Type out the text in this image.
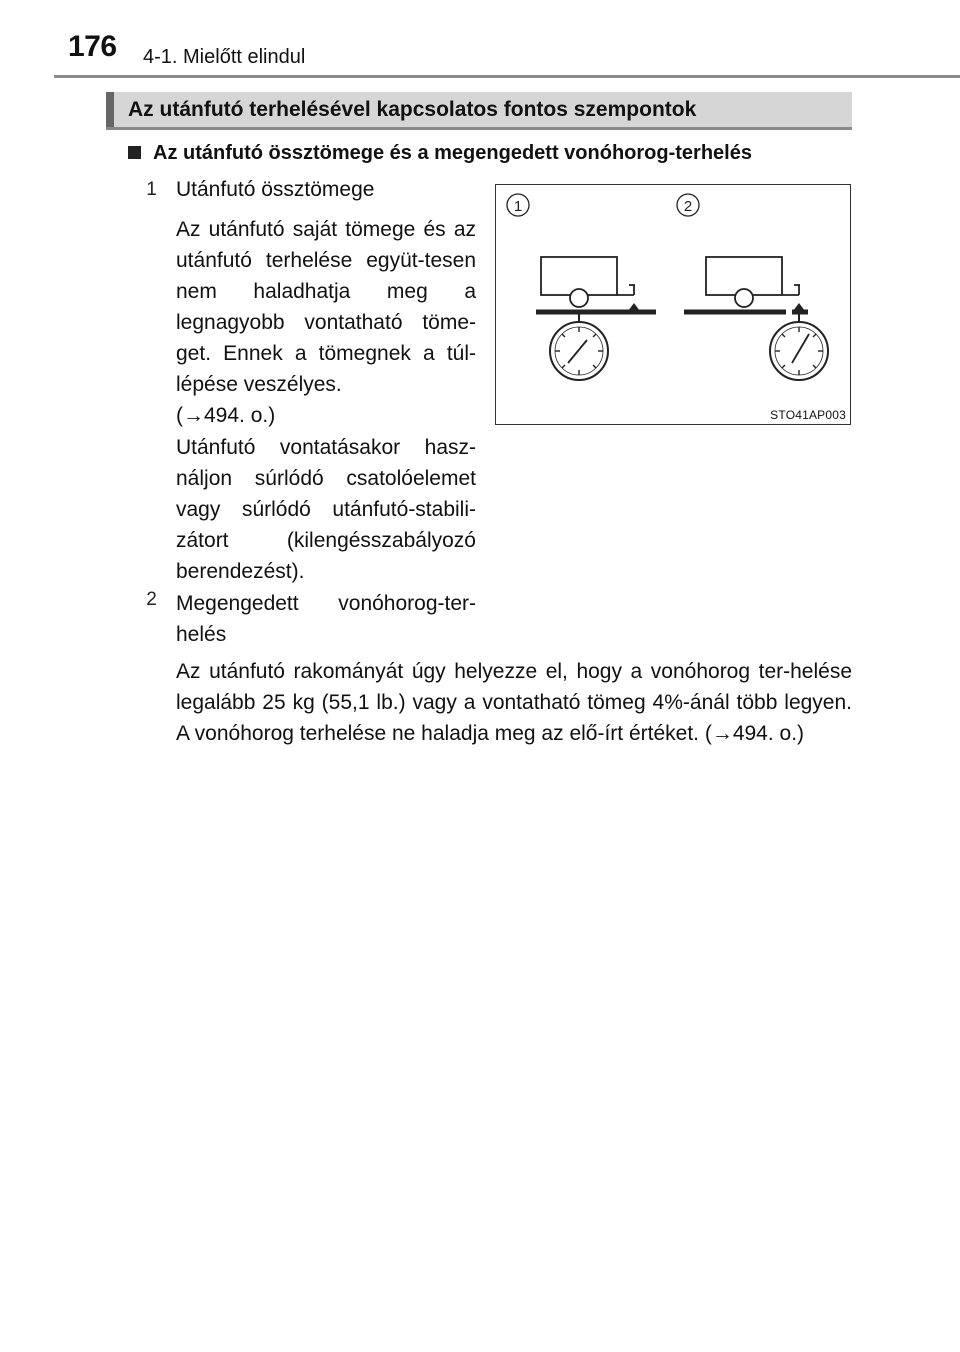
176 4-1. Mielőtt elindul
Az utánfutó terhelésével kapcsolatos fontos szempontok
Az utánfutó össztömege és a megengedett vonóhorog-terhelés
1 Utánfutó össztömege
Az utánfutó saját tömege és az utánfutó terhelése együt-tesen nem haladhatja meg a legnagyobb vontatható töme-get. Ennek a tömegnek a túl-lépése veszélyes.
(→494. o.)
Utánfutó vontatásakor hasz-náljon súrlódó csatolóelemet vagy súrlódó utánfutó-stabili-zátort (kilengésszabályozó berendezést).
2 Megengedett vonóhorog-ter-helés
Az utánfutó rakományát úgy helyezze el, hogy a vonóhorog ter-helése legalább 25 kg (55,1 lb.) vagy a vontatható tömeg 4%-ánál több legyen. A vonóhorog terhelése ne haladja meg az elő-írt értéket. (→494. o.)
1	2
STO41AP003
